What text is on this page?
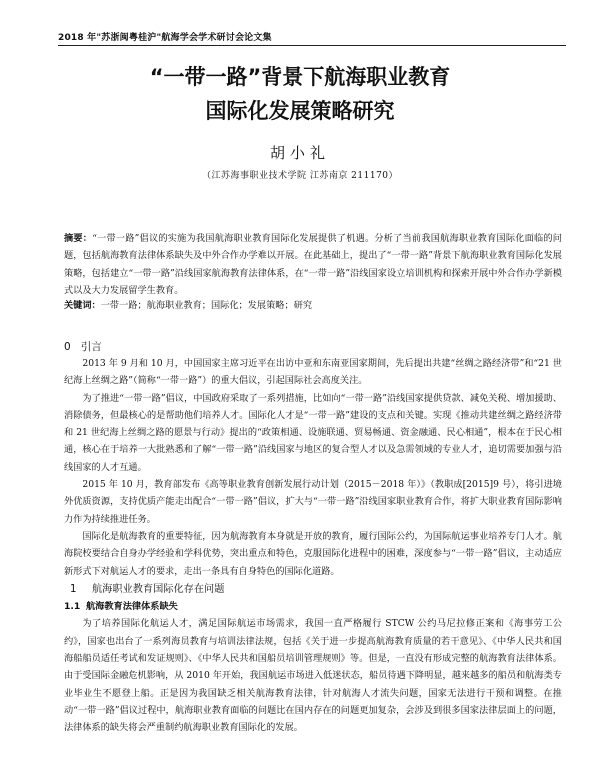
2018 年"苏浙闽粤桂沪"航海学会学术研讨会论文集
“一带一路”背景下航海职业教育
国际化发展策略研究
胡小礼
（江苏海事职业技术学院 江苏南京 211170）
摘要：“一带一路”倡议的实施为我国航海职业教育国际化发展提供了机遇。分析了当前我国航海职业教育国际化面临的问题，包括航海教育法律体系缺失及中外合作办学难以开展。在此基础上，提出了“一带一路”背景下航海职业教育国际化发展策略，包括建立“一带一路”沿线国家航海教育法律体系，在“一带一路”沿线国家设立培训机构和探索开展中外合作办学新模式以及大力发展留学生教育。
关键词：一带一路；航海职业教育；国际化；发展策略；研究
0 引言

2013 年 9 月和 10 月，中国国家主席习近平在出访中亚和东南亚国家期间，先后提出共建“丝绸之路经济带”和“21 世纪海上丝绸之路”（简称“一带一路”）的重大倡议，引起国际社会高度关注。

为了推进“一带一路”倡议，中国政府采取了一系列措施，比如向“一带一路”沿线国家提供贷款、减免关税、增加援助、消除债务，但最核心的是帮助他们培养人才。国际化人才是“一带一路”建设的支点和关键。实现《推动共建丝绸之路经济带和 21 世纪海上丝绸之路的愿景与行动》提出的“政策相通、设施联通、贸易畅通、资金融通、民心相通”，根本在于民心相通，核心在于培养一大批熟悉和了解“一带一路”沿线国家与地区的复合型人才以及急需领域的专业人才，追切需要加强与沿线国家的人才互通。

2015 年 10 月，教育部发布《高等职业教育创新发展行动计划（2015－2018 年）》（教职成[2015]9 号），将引进境外优质资源，支持优质产能走出配合“一带一路”倡议，扩大与“一带一路”沿线国家职业教育合作，将扩大职业教育国际影响力作为持续推进任务。

国际化是航海教育的重要特征，因为航海教育本身就是开放的教育，履行国际公约，为国际航运事业培养专门人才。航海院校要结合自身办学经验和学科优势，突出重点和特色，克服国际化进程中的困难，深度参与“一带一路”倡议，主动适应新形式下对航运人才的要求，走出一条具有自身特色的国际化道路。

1 航海职业教育国际化存在问题

1.1 航海教育法律体系缺失

为了培养国际化航运人才，满足国际航运市场需求，我国一直严格履行 STCW 公约马尼拉修正案和《海事劳工公约》，国家也出台了一系列海员教育与培训法律法规，包括《关于进一步提高航海教育质量的若干意见》、《中华人民共和国海船船员适任考试和发证规则》、《中华人民共和国船员培训管理规则》等。但是，一直没有形成完整的航海教育法律体系。由于受国际金融危机影响，从 2010 年开始，我国航运市场进入低迷状态，船员待遇下降明显，越来越多的船员和航海类专业毕业生不愿登上船。正是因为我国缺乏相关航海教育法律，针对航海人才流失问题，国家无法进行干预和调整。在推动“一带一路”倡议过程中，航海职业教育面临的问题比在国内存在的问题更加复杂，会涉及到很多国家法律层面上的问题，法律体系的缺失将会严重制约航海职业教育国际化的发展。
